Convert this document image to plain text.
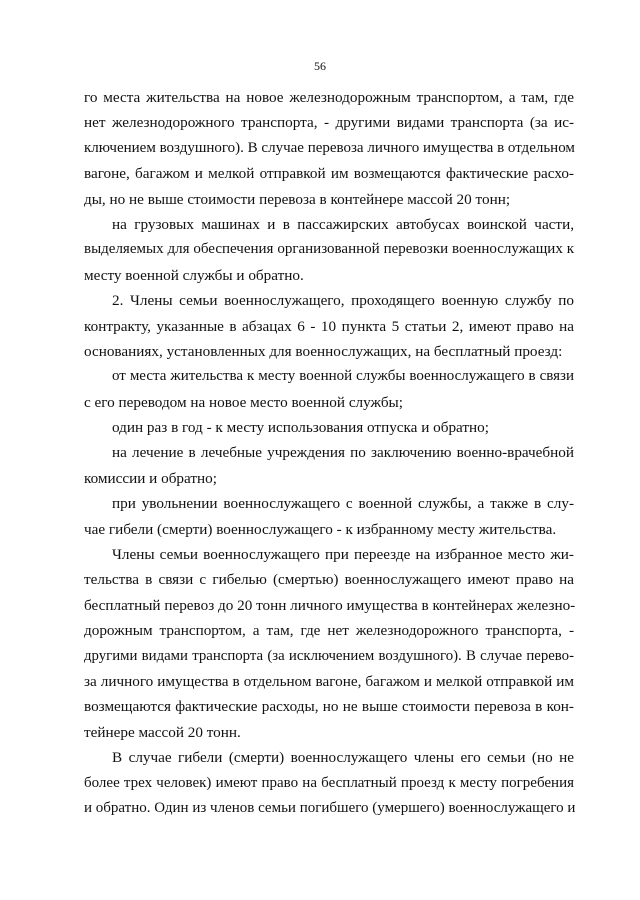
56
го места жительства на новое железнодорожным транспортом, а там, где
нет железнодорожного транспорта, - другими видами транспорта (за ис-
ключением воздушного). В случае перевоза личного имущества в отдельном
вагоне, багажом и мелкой отправкой им возмещаются фактические расхо-
ды, но не выше стоимости перевоза в контейнере массой 20 тонн;
на грузовых машинах и в пассажирских автобусах воинской части,
выделяемых для обеспечения организованной перевозки военнослужащих к
месту военной службы и обратно.
2. Члены семьи военнослужащего, проходящего военную службу по
контракту, указанные в абзацах 6 - 10 пункта 5 статьи 2, имеют право на
основаниях, установленных для военнослужащих, на бесплатный проезд:
от места жительства к месту военной службы военнослужащего в связи
с его переводом на новое место военной службы;
один раз в год - к месту использования отпуска и обратно;
на лечение в лечебные учреждения по заключению военно-врачебной
комиссии и обратно;
при увольнении военнослужащего с военной службы, а также в слу-
чае гибели (смерти) военнослужащего - к избранному месту жительства.
Члены семьи военнослужащего при переезде на избранное место жи-
тельства в связи с гибелью (смертью) военнослужащего имеют право на
бесплатный перевоз до 20 тонн личного имущества в контейнерах железно-
дорожным транспортом, а там, где нет железнодорожного транспорта, -
другими видами транспорта (за исключением воздушного). В случае перево-
за личного имущества в отдельном вагоне, багажом и мелкой отправкой им
возмещаются фактические расходы, но не выше стоимости перевоза в кон-
тейнере массой 20 тонн.
В случае гибели (смерти) военнослужащего члены его семьи (но не
более трех человек) имеют право на бесплатный проезд к месту погребения
и обратно. Один из членов семьи погибшего (умершего) военнослужащего и
